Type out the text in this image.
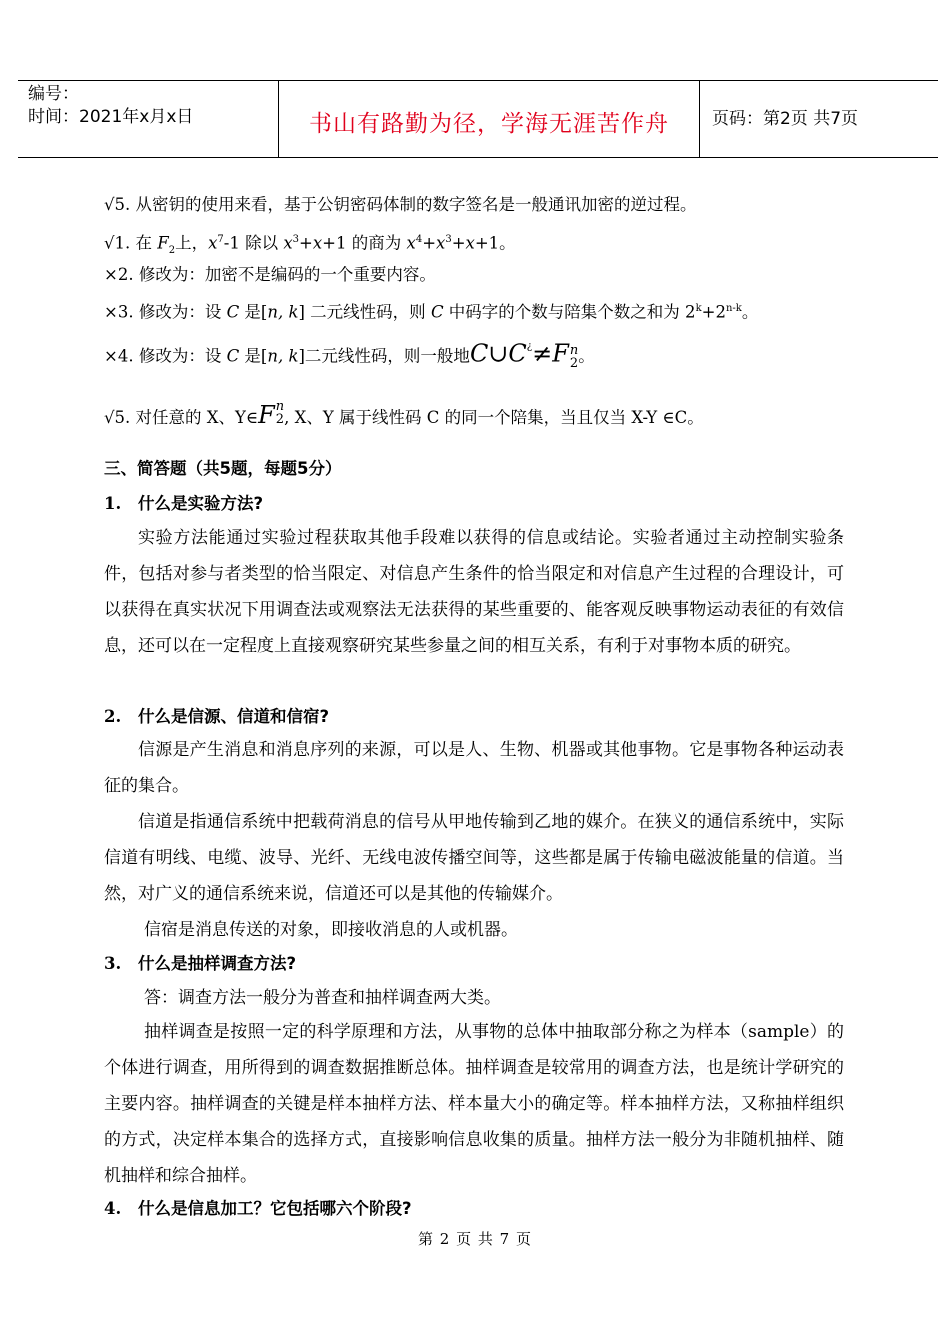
编号：
时间：2021年x月x日	书山有路勤为径，学海无涯苦作舟	页码：第2页 共7页
√5. 从密钥的使用来看，基于公钥密码体制的数字签名是一般通讯加密的逆过程。
√1. 在 $F_2$上，$x^7-1$ 除以 $x^3+x+1$ 的商为 $x^4+x^3+x+1$。
×2. 修改为：加密不是编码的一个重要内容。
×3. 修改为：设 C 是[n, k] 二元线性码，则 C 中码字的个数与陪集个数之和为 $2^k+2^{n-k}$。
×4. 修改为：设 C 是[n, k]二元线性码，则一般地C∪C¿≠F n
2 。
√5. 对任意的 X、Y∈F n
2 , X、Y 属于线性码 C 的同一个陪集，当且仅当 X-Y ∈C。
三、简答题（共5题，每题5分）
1. 什么是实验方法?
实验方法能通过实验过程获取其他手段难以获得的信息或结论。实验者通过主动控制实验条件，包括对参与者类型的恰当限定、对信息产生条件的恰当限定和对信息产生过程的合理设计，可以获得在真实状况下用调查法或观察法无法获得的某些重要的、能客观反映事物运动表征的有效信息，还可以在一定程度上直接观察研究某些参量之间的相互关系，有利于对事物本质的研究。
2. 什么是信源、信道和信宿?
信源是产生消息和消息序列的来源，可以是人、生物、机器或其他事物。它是事物各种运动表征的集合。
信道是指通信系统中把载荷消息的信号从甲地传输到乙地的媒介。在狭义的通信系统中，实际信道有明线、电缆、波导、光纤、无线电波传播空间等，这些都是属于传输电磁波能量的信道。当然，对广义的通信系统来说，信道还可以是其他的传输媒介。
信宿是消息传送的对象，即接收消息的人或机器。
3. 什么是抽样调查方法?
答：调查方法一般分为普查和抽样调查两大类。
抽样调查是按照一定的科学原理和方法，从事物的总体中抽取部分称之为样本（sample）的个体进行调查，用所得到的调查数据推断总体。抽样调查是较常用的调查方法，也是统计学研究的主要内容。抽样调查的关键是样本抽样方法、样本量大小的确定等。样本抽样方法，又称抽样组织的方式，决定样本集合的选择方式，直接影响信息收集的质量。抽样方法一般分为非随机抽样、随机抽样和综合抽样。
4. 什么是信息加工？它包括哪六个阶段?
第 2 页 共 7 页
